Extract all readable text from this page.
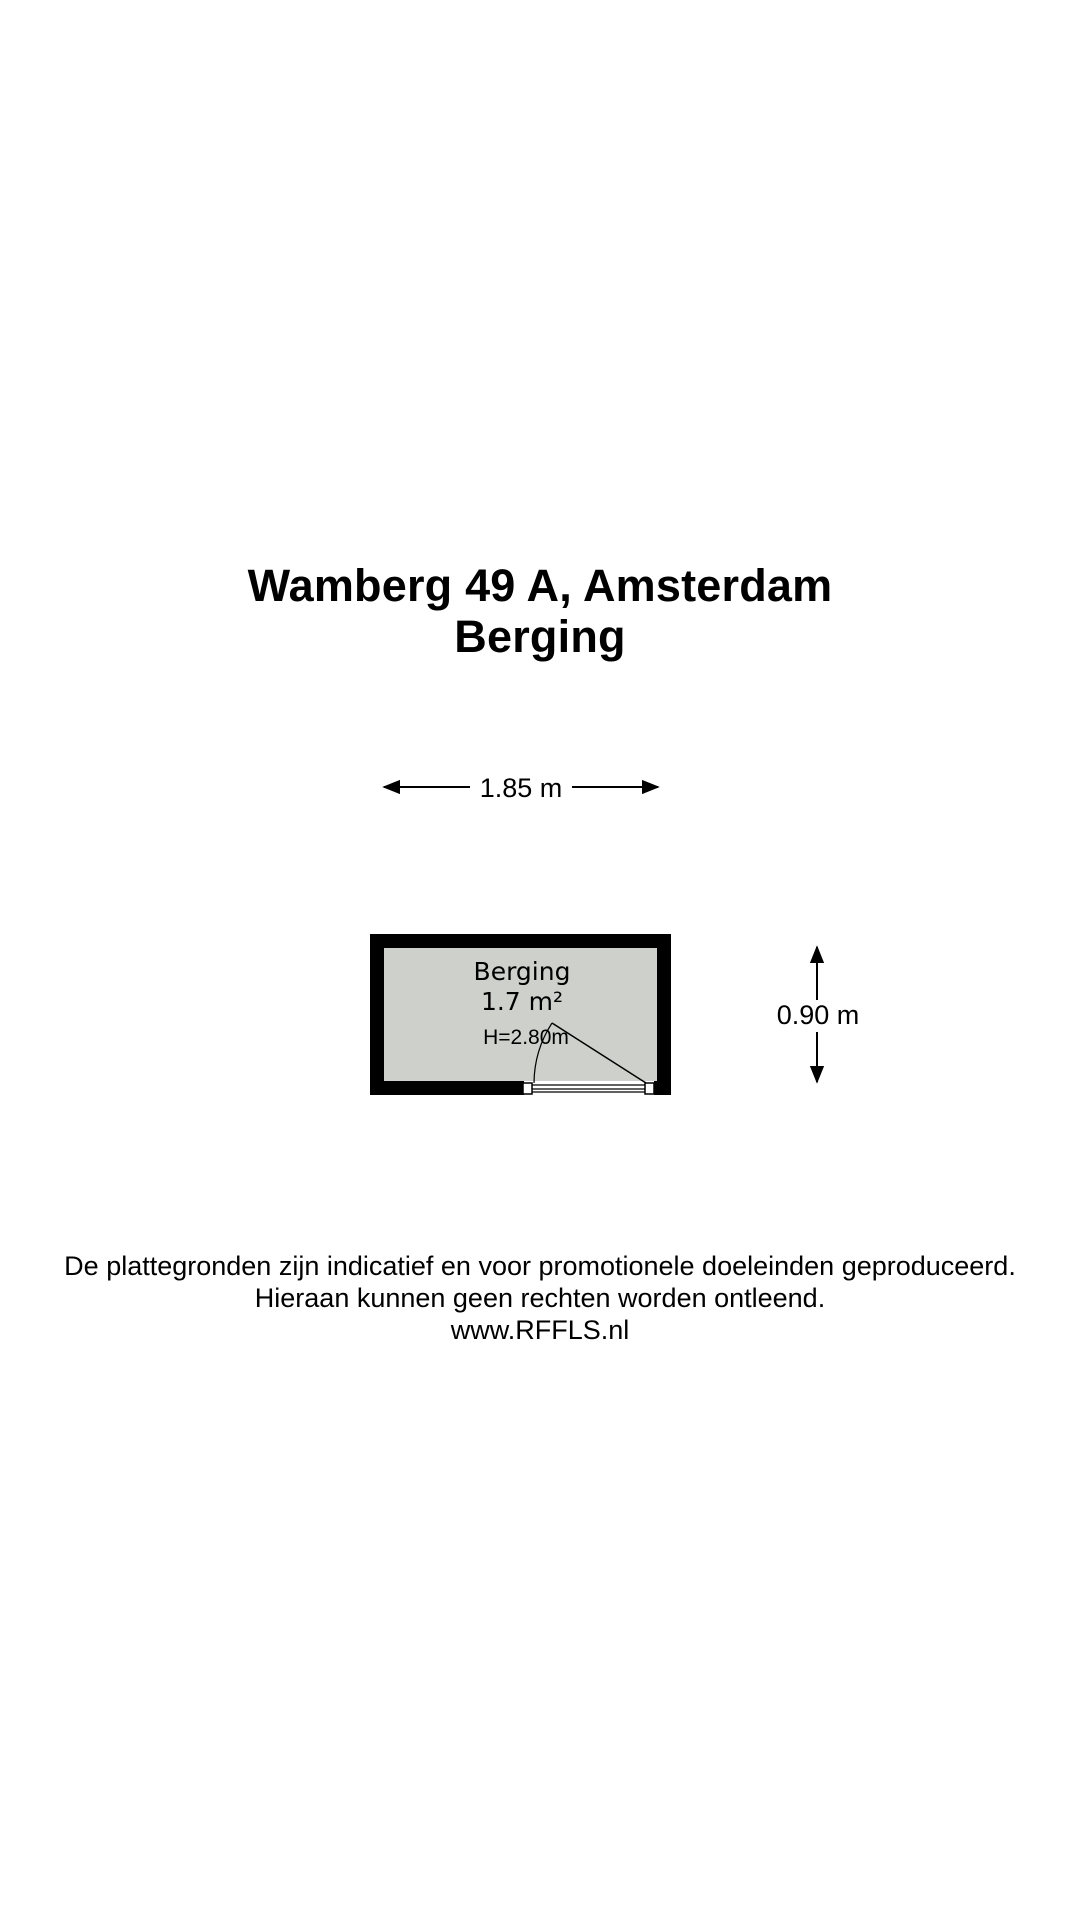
Wamberg 49 A, Amsterdam
Berging
1.85 m
Berging
1.7 m²
H=2.80m
0.90 m
De plattegronden zijn indicatief en voor promotionele doeleinden geproduceerd.
Hieraan kunnen geen rechten worden ontleend.
www.RFFLS.nl
